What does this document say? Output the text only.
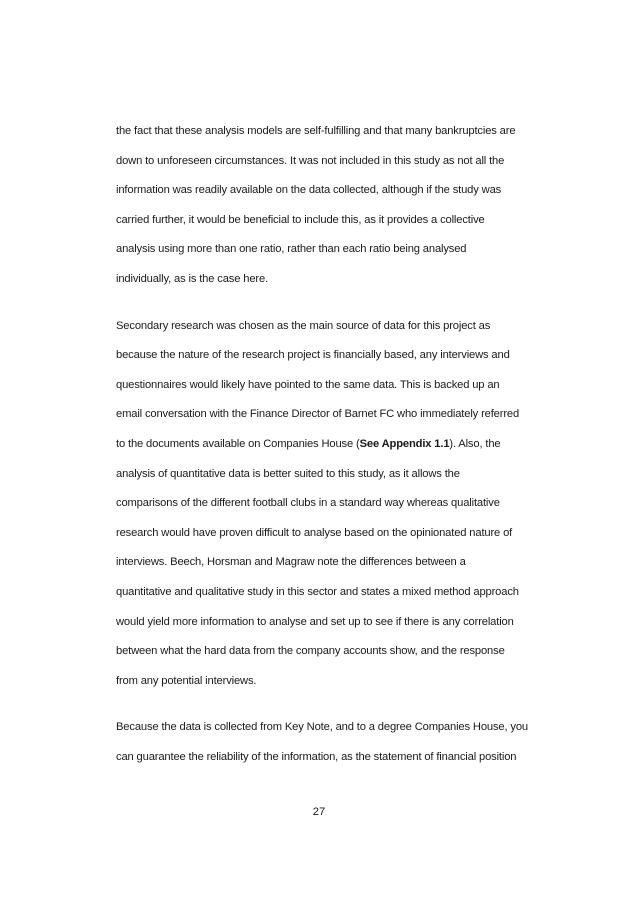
the fact that these analysis models are self-fulfilling and that many bankruptcies are
down to unforeseen circumstances. It was not included in this study as not all the
information was readily available on the data collected, although if the study was
carried further, it would be beneficial to include this, as it provides a collective
analysis using more than one ratio, rather than each ratio being analysed
individually, as is the case here.
Secondary research was chosen as the main source of data for this project as
because the nature of the research project is financially based, any interviews and
questionnaires would likely have pointed to the same data. This is backed up an
email conversation with the Finance Director of Barnet FC who immediately referred
to the documents available on Companies House (See Appendix 1.1). Also, the
analysis of quantitative data is better suited to this study, as it allows the
comparisons of the different football clubs in a standard way whereas qualitative
research would have proven difficult to analyse based on the opinionated nature of
interviews. Beech, Horsman and Magraw note the differences between a
quantitative and qualitative study in this sector and states a mixed method approach
would yield more information to analyse and set up to see if there is any correlation
between what the hard data from the company accounts show, and the response
from any potential interviews.
Because the data is collected from Key Note, and to a degree Companies House, you
can guarantee the reliability of the information, as the statement of financial position
27
